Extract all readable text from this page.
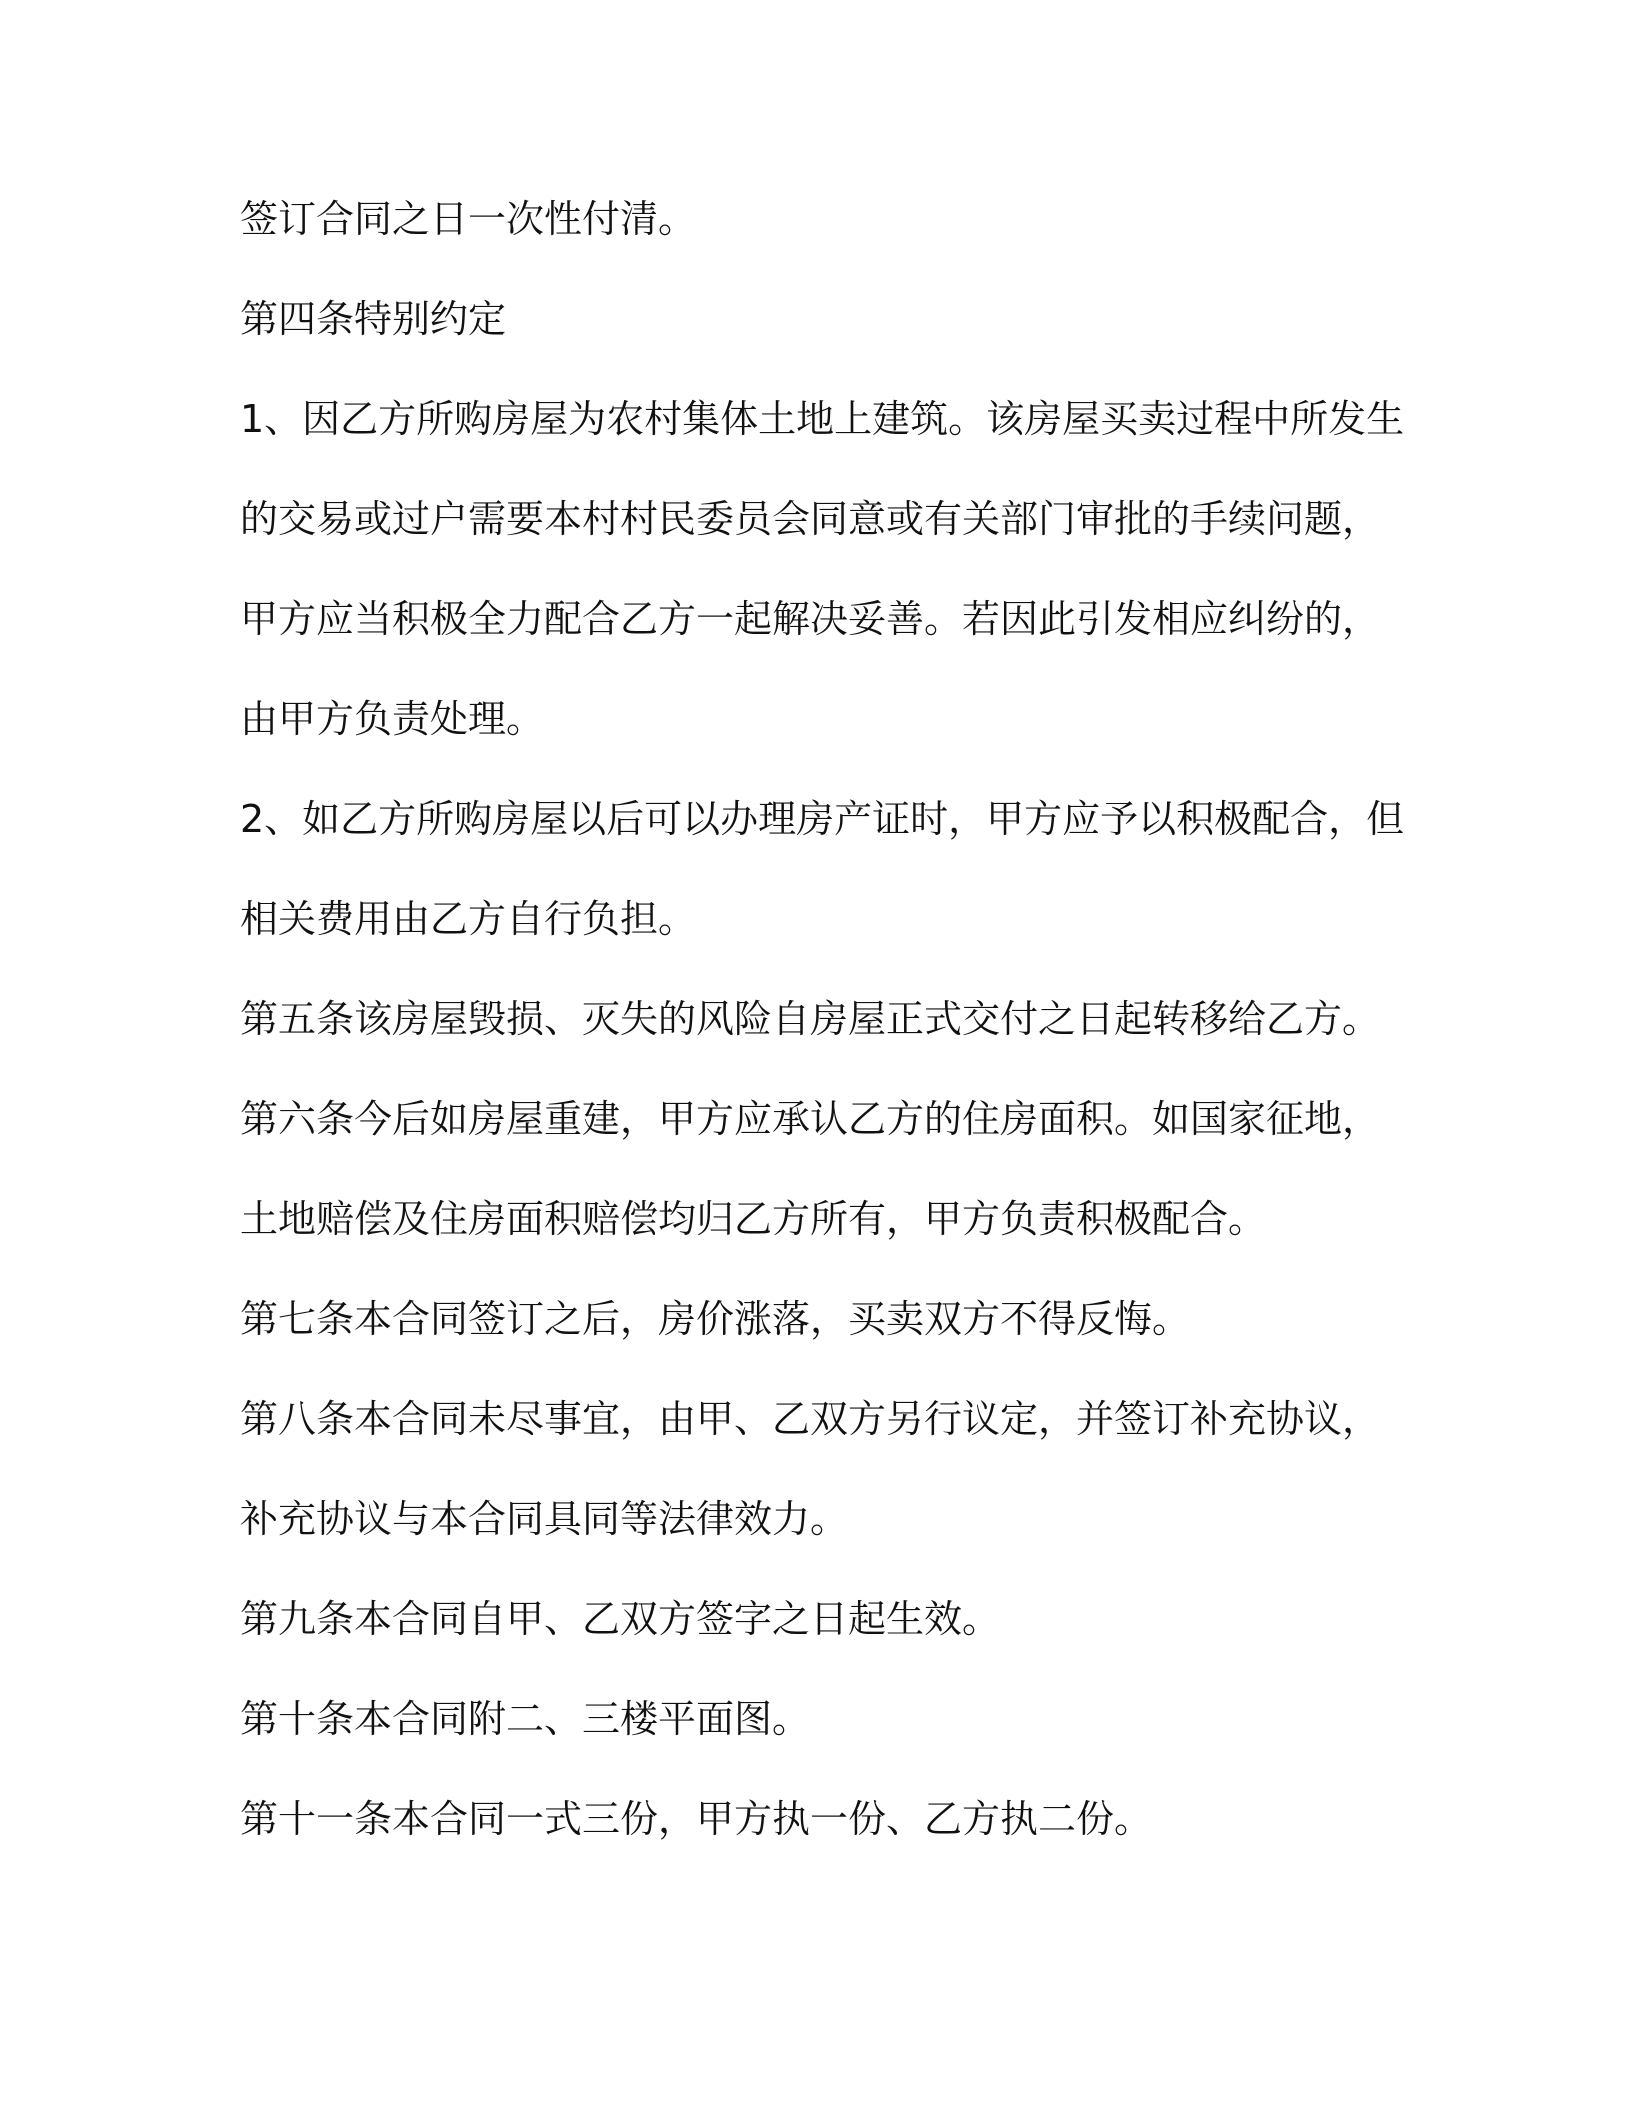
签订合同之日一次性付清。

第四条特别约定

1、因乙方所购房屋为农村集体土地上建筑。该房屋买卖过程中所发生

的交易或过户需要本村村民委员会同意或有关部门审批的手续问题，

甲方应当积极全力配合乙方一起解决妥善。若因此引发相应纠纷的，

由甲方负责处理。

2、如乙方所购房屋以后可以办理房产证时，甲方应予以积极配合，但

相关费用由乙方自行负担。

第五条该房屋毁损、灭失的风险自房屋正式交付之日起转移给乙方。

第六条今后如房屋重建，甲方应承认乙方的住房面积。如国家征地，

土地赔偿及住房面积赔偿均归乙方所有，甲方负责积极配合。

第七条本合同签订之后，房价涨落，买卖双方不得反悔。

第八条本合同未尽事宜，由甲、乙双方另行议定，并签订补充协议，

补充协议与本合同具同等法律效力。

第九条本合同自甲、乙双方签字之日起生效。

第十条本合同附二、三楼平面图。

第十一条本合同一式三份，甲方执一份、乙方执二份。
